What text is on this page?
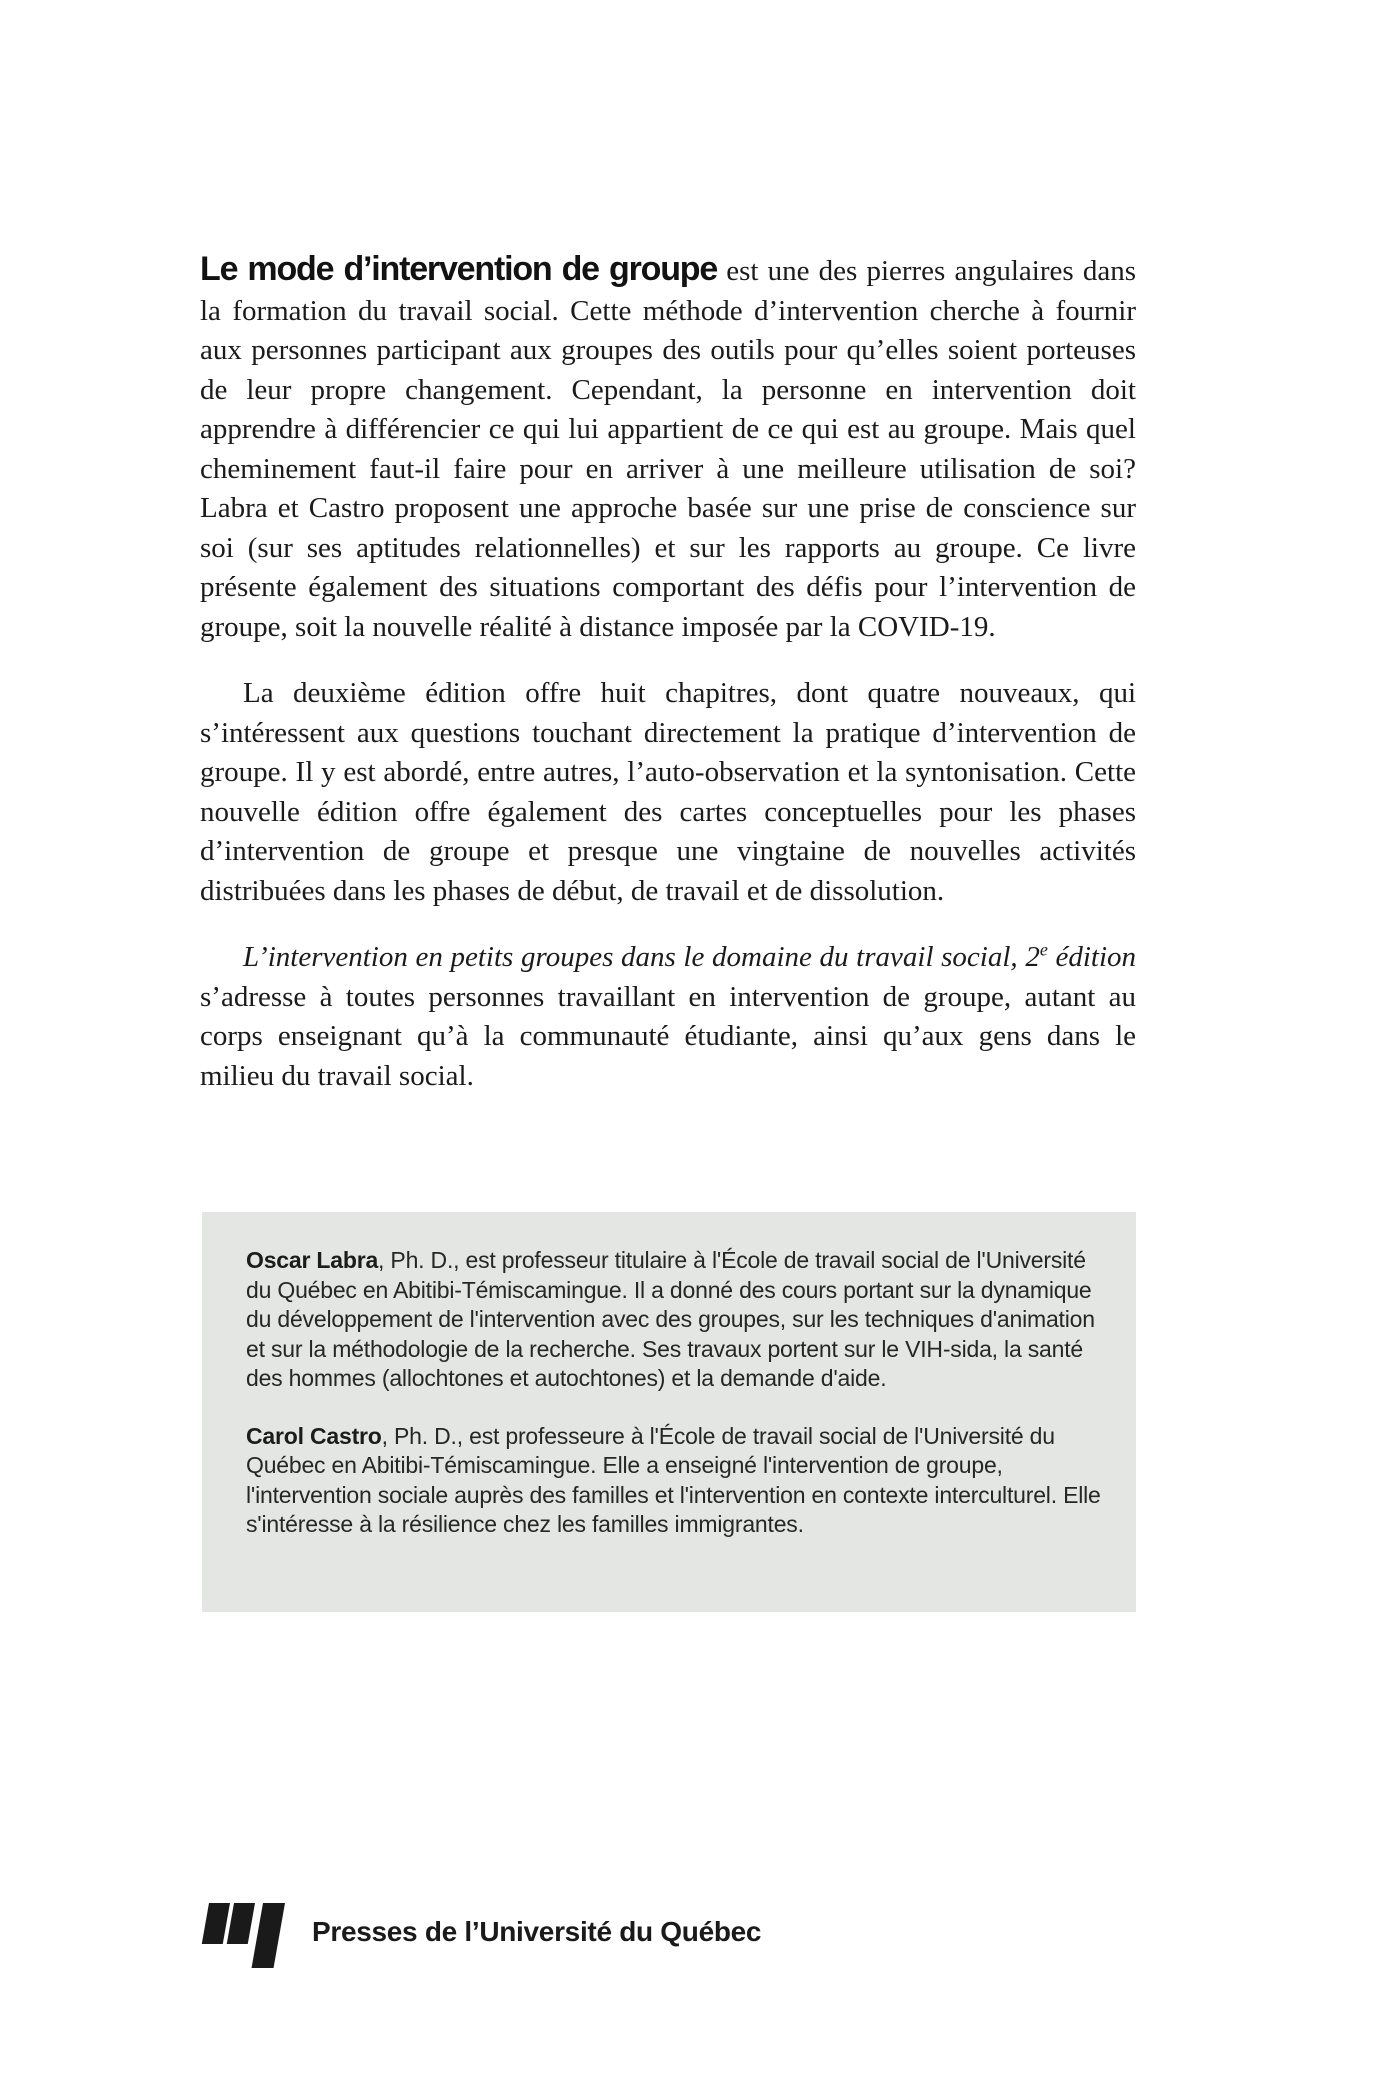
Le mode d’intervention de groupe est une des pierres angulaires dans la formation du travail social. Cette méthode d’intervention cherche à fournir aux personnes participant aux groupes des outils pour qu’elles soient porteuses de leur propre changement. Cependant, la personne en intervention doit apprendre à différencier ce qui lui appartient de ce qui est au groupe. Mais quel cheminement faut-il faire pour en arriver à une meilleure utilisation de soi? Labra et Castro proposent une approche basée sur une prise de conscience sur soi (sur ses aptitudes relationnelles) et sur les rapports au groupe. Ce livre présente également des situations comportant des défis pour l’intervention de groupe, soit la nouvelle réalité à distance imposée par la COVID-19.

La deuxième édition offre huit chapitres, dont quatre nouveaux, qui s’intéressent aux questions touchant directement la pratique d’intervention de groupe. Il y est abordé, entre autres, l’auto-observation et la syntonisation. Cette nouvelle édition offre également des cartes conceptuelles pour les phases d’intervention de groupe et presque une vingtaine de nouvelles activités distribuées dans les phases de début, de travail et de dissolution.

L’intervention en petits groupes dans le domaine du travail social, 2e édition s’adresse à toutes personnes travaillant en intervention de groupe, autant au corps enseignant qu’à la communauté étudiante, ainsi qu’aux gens dans le milieu du travail social.

Oscar Labra, Ph. D., est professeur titulaire à l'École de travail social de l'Université du Québec en Abitibi-Témiscamingue. Il a donné des cours portant sur la dynamique du développement de l'intervention avec des groupes, sur les techniques d'animation et sur la méthodologie de la recherche. Ses travaux portent sur le VIH-sida, la santé des hommes (allochtones et autochtones) et la demande d'aide.

Carol Castro, Ph. D., est professeure à l'École de travail social de l'Université du Québec en Abitibi-Témiscamingue. Elle a enseigné l'intervention de groupe, l'intervention sociale auprès des familles et l'intervention en contexte interculturel. Elle s'intéresse à la résilience chez les familles immigrantes.

Presses de l’Université du Québec
